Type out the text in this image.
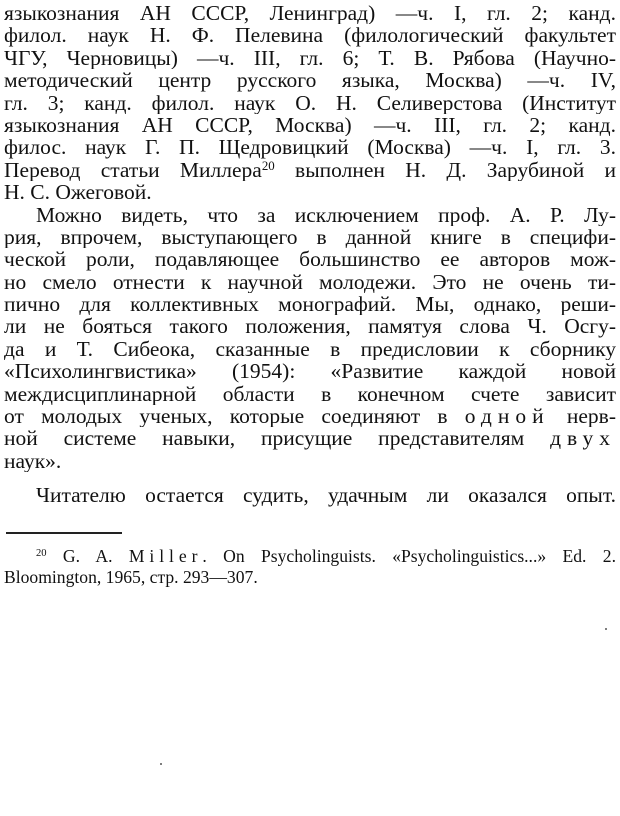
языкознания АН СССР, Ленинград) —ч. I, гл. 2; канд.
филол. наук Н. Ф. Пелевина (филологический факультет
ЧГУ, Черновицы) —ч. III, гл. 6; Т. В. Рябова (Научно-
методический центр русского языка, Москва) —ч. IV,
гл. 3; канд. филол. наук О. Н. Селиверстова (Институт
языкознания АН СССР, Москва) —ч. III, гл. 2; канд.
филос. наук Г. П. Щедровицкий (Москва) —ч. I, гл. 3.
Перевод статьи Миллера$^{20}$ выполнен Н. Д. Зарубиной и
Н. С. Ожеговой.
Можно видеть, что за исключением проф. А. Р. Лу-
рия, впрочем, выступающего в данной книге в специфи-
ческой роли, подавляющее большинство ее авторов мож-
но смело отнести к научной молодежи. Это не очень ти-
пично для коллективных монографий. Мы, однако, реши-
ли не бояться такого положения, памятуя слова Ч. Осгу-
да и Т. Сибеока, сказанные в предисловии к сборнику
«Психолингвистика» (1954): «Развитие каждой новой
междисциплинарной области в конечном счете зависит
от молодых ученых, которые соединяют в одной нерв-
ной системе навыки, присущие представителям двух
наук».
Читателю остается судить, удачным ли оказался опыт.
$^{20}$ G. A. Miller. On Psycholinguists. «Psycholinguistics...» Ed. 2.
Bloomington, 1965, стр. 293—307.
